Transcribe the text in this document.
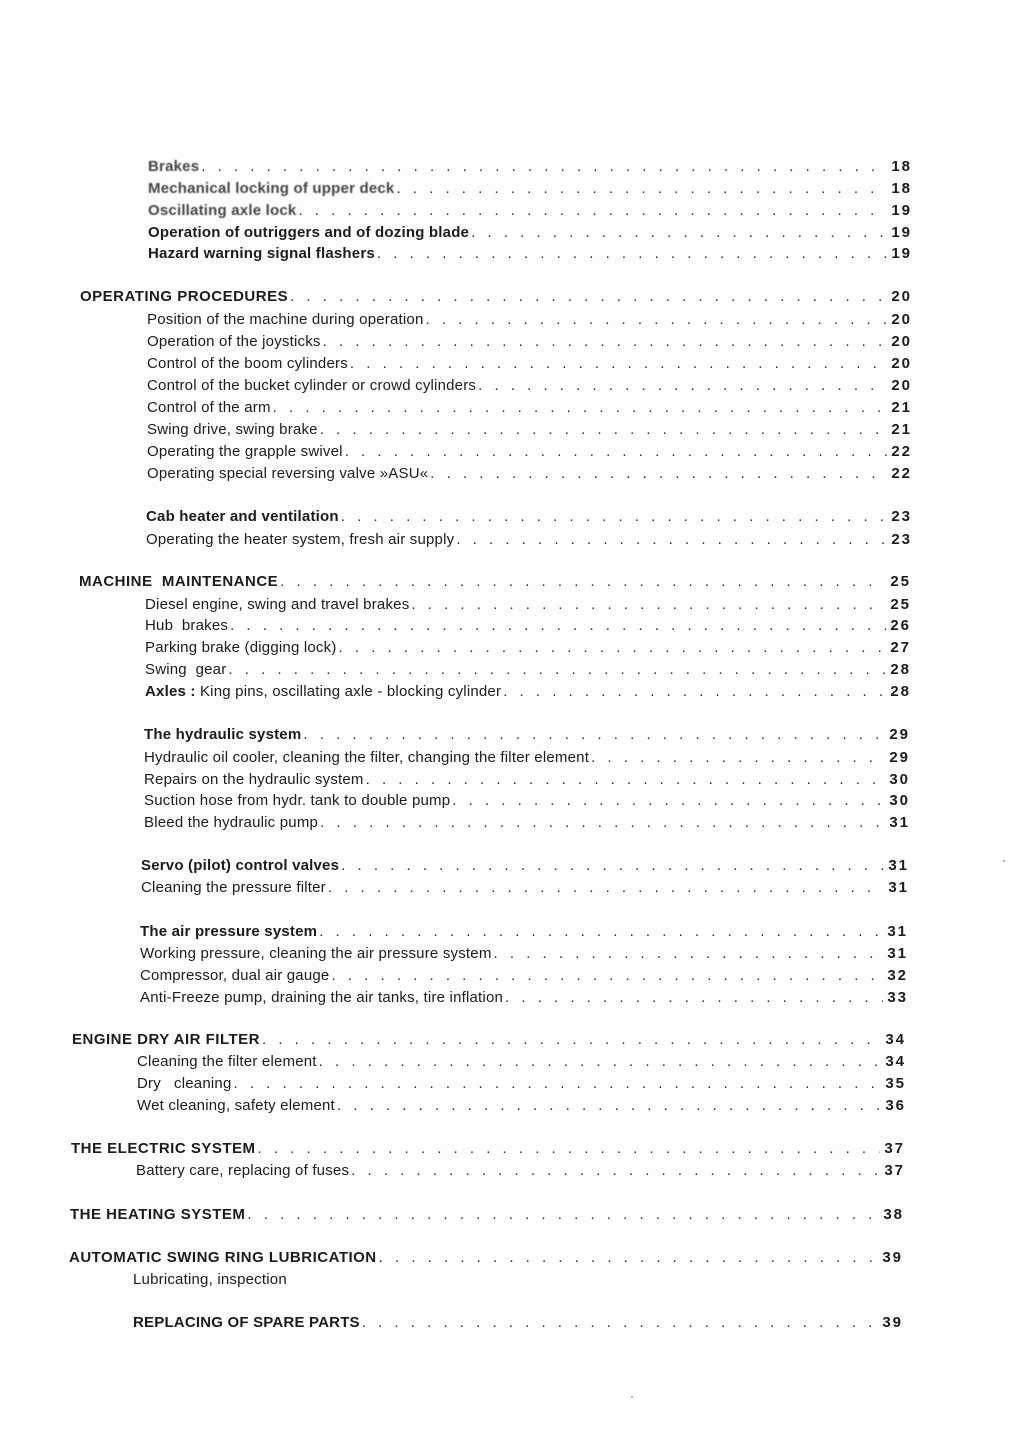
Brakes . . .	18
Mechanical locking of upper deck . . .	18
Oscillating axle lock . . .	19
Operation of outriggers and of dozing blade . . .	19
Hazard warning signal flashers . . .	19
OPERATING PROCEDURES . . .	20
Position of the machine during operation . . .	20
Operation of the joysticks . . .	20
Control of the boom cylinders . . .	20
Control of the bucket cylinder or crowd cylinders . . .	20
Control of the arm . . .	21
Swing drive, swing brake . . .	21
Operating the grapple swivel . . .	22
Operating special reversing valve »ASU« . . .	22
Cab heater and ventilation . . .	23
Operating the heater system, fresh air supply . . .	23
MACHINE  MAINTENANCE . . .	25
Diesel engine, swing and travel brakes . . .	25
Hub  brakes . . .	26
Parking brake (digging lock) . . .	27
Swing  gear . . .	28
Axles : King pins, oscillating axle - blocking cylinder . . .	28
The hydraulic system . . .	29
Hydraulic oil cooler, cleaning the filter, changing the filter element . . .	29
Repairs on the hydraulic system . . .	30
Suction hose from hydr. tank to double pump . . .	30
Bleed the hydraulic pump . . .	31
Servo (pilot) control valves . . .	31
Cleaning the pressure filter . . .	31
The air pressure system . . .	31
Working pressure, cleaning the air pressure system . . .	31
Compressor, dual air gauge . . .	32
Anti-Freeze pump, draining the air tanks, tire inflation . . .	33
ENGINE DRY AIR FILTER . . .	34
Cleaning the filter element . . .	34
Dry   cleaning . . .	35
Wet cleaning, safety element . . .	36
THE ELECTRIC SYSTEM . . .	37
Battery care, replacing of fuses . . .	37
THE HEATING SYSTEM . . .	38
AUTOMATIC SWING RING LUBRICATION . . .	39
Lubricating, inspection
REPLACING OF SPARE PARTS . . .	39
